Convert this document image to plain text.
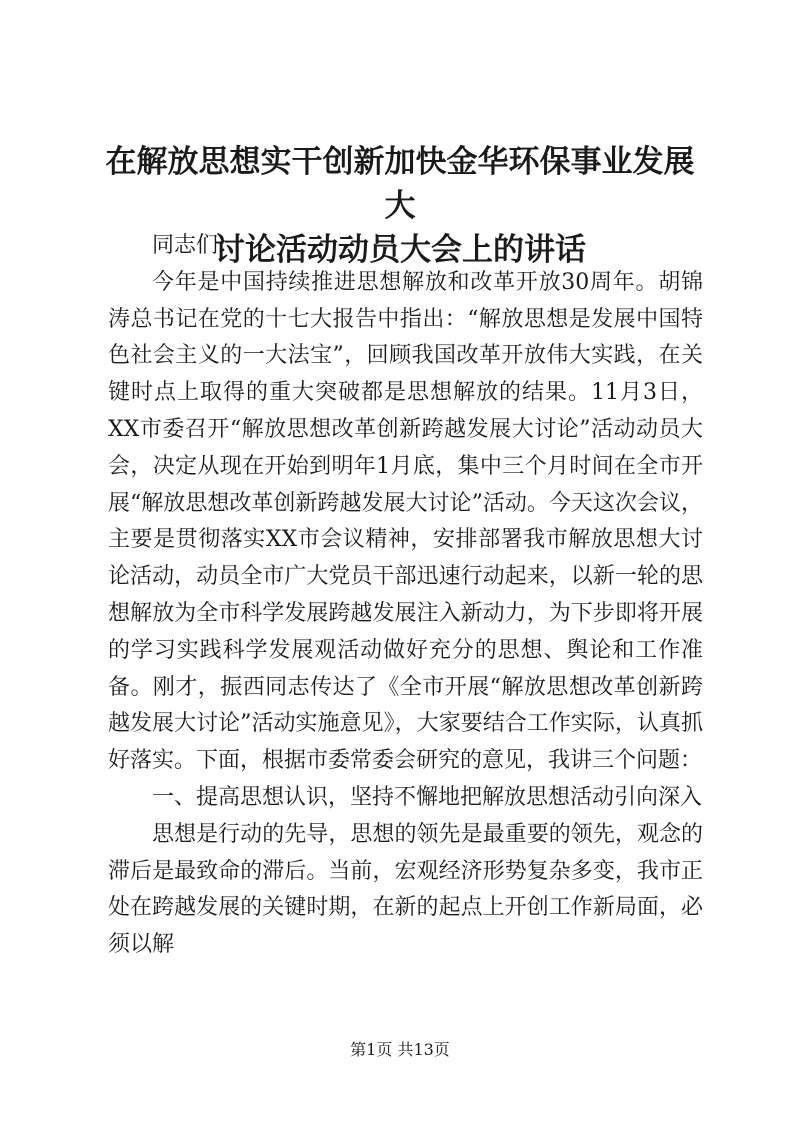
在解放思想实干创新加快金华环保事业发展大
讨论活动动员大会上的讲话

同志们：

今年是中国持续推进思想解放和改革开放30周年。胡锦涛总书记在党的十七大报告中指出：“解放思想是发展中国特色社会主义的一大法宝”，回顾我国改革开放伟大实践，在关键时点上取得的重大突破都是思想解放的结果。11月3日，XX市委召开“解放思想改革创新跨越发展大讨论”活动动员大会，决定从现在开始到明年1月底，集中三个月时间在全市开展“解放思想改革创新跨越发展大讨论”活动。今天这次会议，主要是贯彻落实XX市会议精神，安排部署我市解放思想大讨论活动，动员全市广大党员干部迅速行动起来，以新一轮的思想解放为全市科学发展跨越发展注入新动力，为下步即将开展的学习实践科学发展观活动做好充分的思想、舆论和工作准备。刚才，振西同志传达了《全市开展“解放思想改革创新跨越发展大讨论”活动实施意见》，大家要结合工作实际，认真抓好落实。下面，根据市委常委会研究的意见，我讲三个问题：

一、提高思想认识，坚持不懈地把解放思想活动引向深入

思想是行动的先导，思想的领先是最重要的领先，观念的滞后是最致命的滞后。当前，宏观经济形势复杂多变，我市正处在跨越发展的关键时期，在新的起点上开创工作新局面，必须以解

第1页 共13页
